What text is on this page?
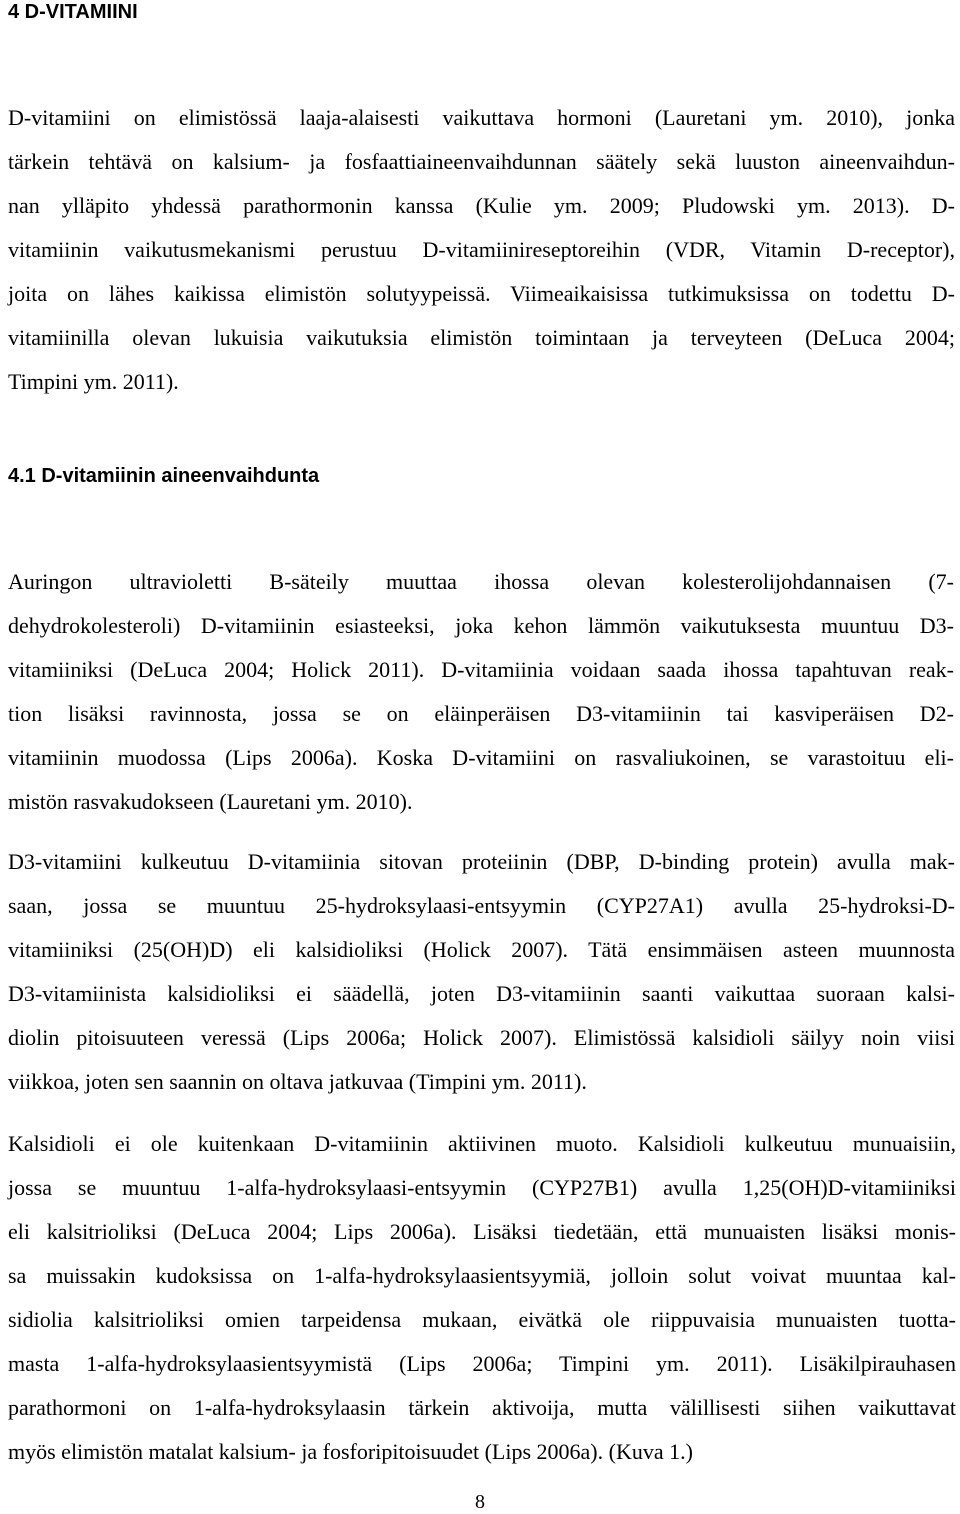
4 D-VITAMIINI
D-vitamiini on elimistössä laaja-alaisesti vaikuttava hormoni (Lauretani ym. 2010), jonka
tärkein tehtävä on kalsium- ja fosfaattiaineenvaihdunnan säätely sekä luuston aineenvaihdun-
nan ylläpito yhdessä parathormonin kanssa (Kulie ym. 2009; Pludowski ym. 2013). D-
vitamiinin vaikutusmekanismi perustuu D-vitamiinireseptoreihin (VDR, Vitamin D-receptor),
joita on lähes kaikissa elimistön solutyypeissä. Viimeaikaisissa tutkimuksissa on todettu D-
vitamiinilla olevan lukuisia vaikutuksia elimistön toimintaan ja terveyteen (DeLuca 2004;
Timpini ym. 2011).
4.1 D-vitamiinin aineenvaihdunta
Auringon ultravioletti B-säteily muuttaa ihossa olevan kolesterolijohdannaisen (7-
dehydrokolesteroli) D-vitamiinin esiasteeksi, joka kehon lämmön vaikutuksesta muuntuu D3-
vitamiiniksi (DeLuca 2004; Holick 2011). D-vitamiinia voidaan saada ihossa tapahtuvan reak-
tion lisäksi ravinnosta, jossa se on eläinperäisen D3-vitamiinin tai kasviperäisen D2-
vitamiinin muodossa (Lips 2006a). Koska D-vitamiini on rasvaliukoinen, se varastoituu eli-
mistön rasvakudokseen (Lauretani ym. 2010).
D3-vitamiini kulkeutuu D-vitamiinia sitovan proteiinin (DBP, D-binding protein) avulla mak-
saan, jossa se muuntuu 25-hydroksylaasi-entsyymin (CYP27A1) avulla 25-hydroksi-D-
vitamiiniksi (25(OH)D) eli kalsidioliksi (Holick 2007). Tätä ensimmäisen asteen muunnosta
D3-vitamiinista kalsidioliksi ei säädellä, joten D3-vitamiinin saanti vaikuttaa suoraan kalsi-
diolin pitoisuuteen veressä (Lips 2006a; Holick 2007). Elimistössä kalsidioli säilyy noin viisi
viikkoa, joten sen saannin on oltava jatkuvaa (Timpini ym. 2011).
Kalsidioli ei ole kuitenkaan D-vitamiinin aktiivinen muoto. Kalsidioli kulkeutuu munuaisiin,
jossa se muuntuu 1-alfa-hydroksylaasi-entsyymin (CYP27B1) avulla 1,25(OH)D-vitamiiniksi
eli kalsitrioliksi (DeLuca 2004; Lips 2006a). Lisäksi tiedetään, että munuaisten lisäksi monis-
sa muissakin kudoksissa on 1-alfa-hydroksylaasientsyymiä, jolloin solut voivat muuntaa kal-
sidiolia kalsitrioliksi omien tarpeidensa mukaan, eivätkä ole riippuvaisia munuaisten tuotta-
masta 1-alfa-hydroksylaasientsyymistä (Lips 2006a; Timpini ym. 2011). Lisäkilpirauhasen
parathormoni on 1-alfa-hydroksylaasin tärkein aktivoija, mutta välillisesti siihen vaikuttavat
myös elimistön matalat kalsium- ja fosforipitoisuudet (Lips 2006a). (Kuva 1.)
8
